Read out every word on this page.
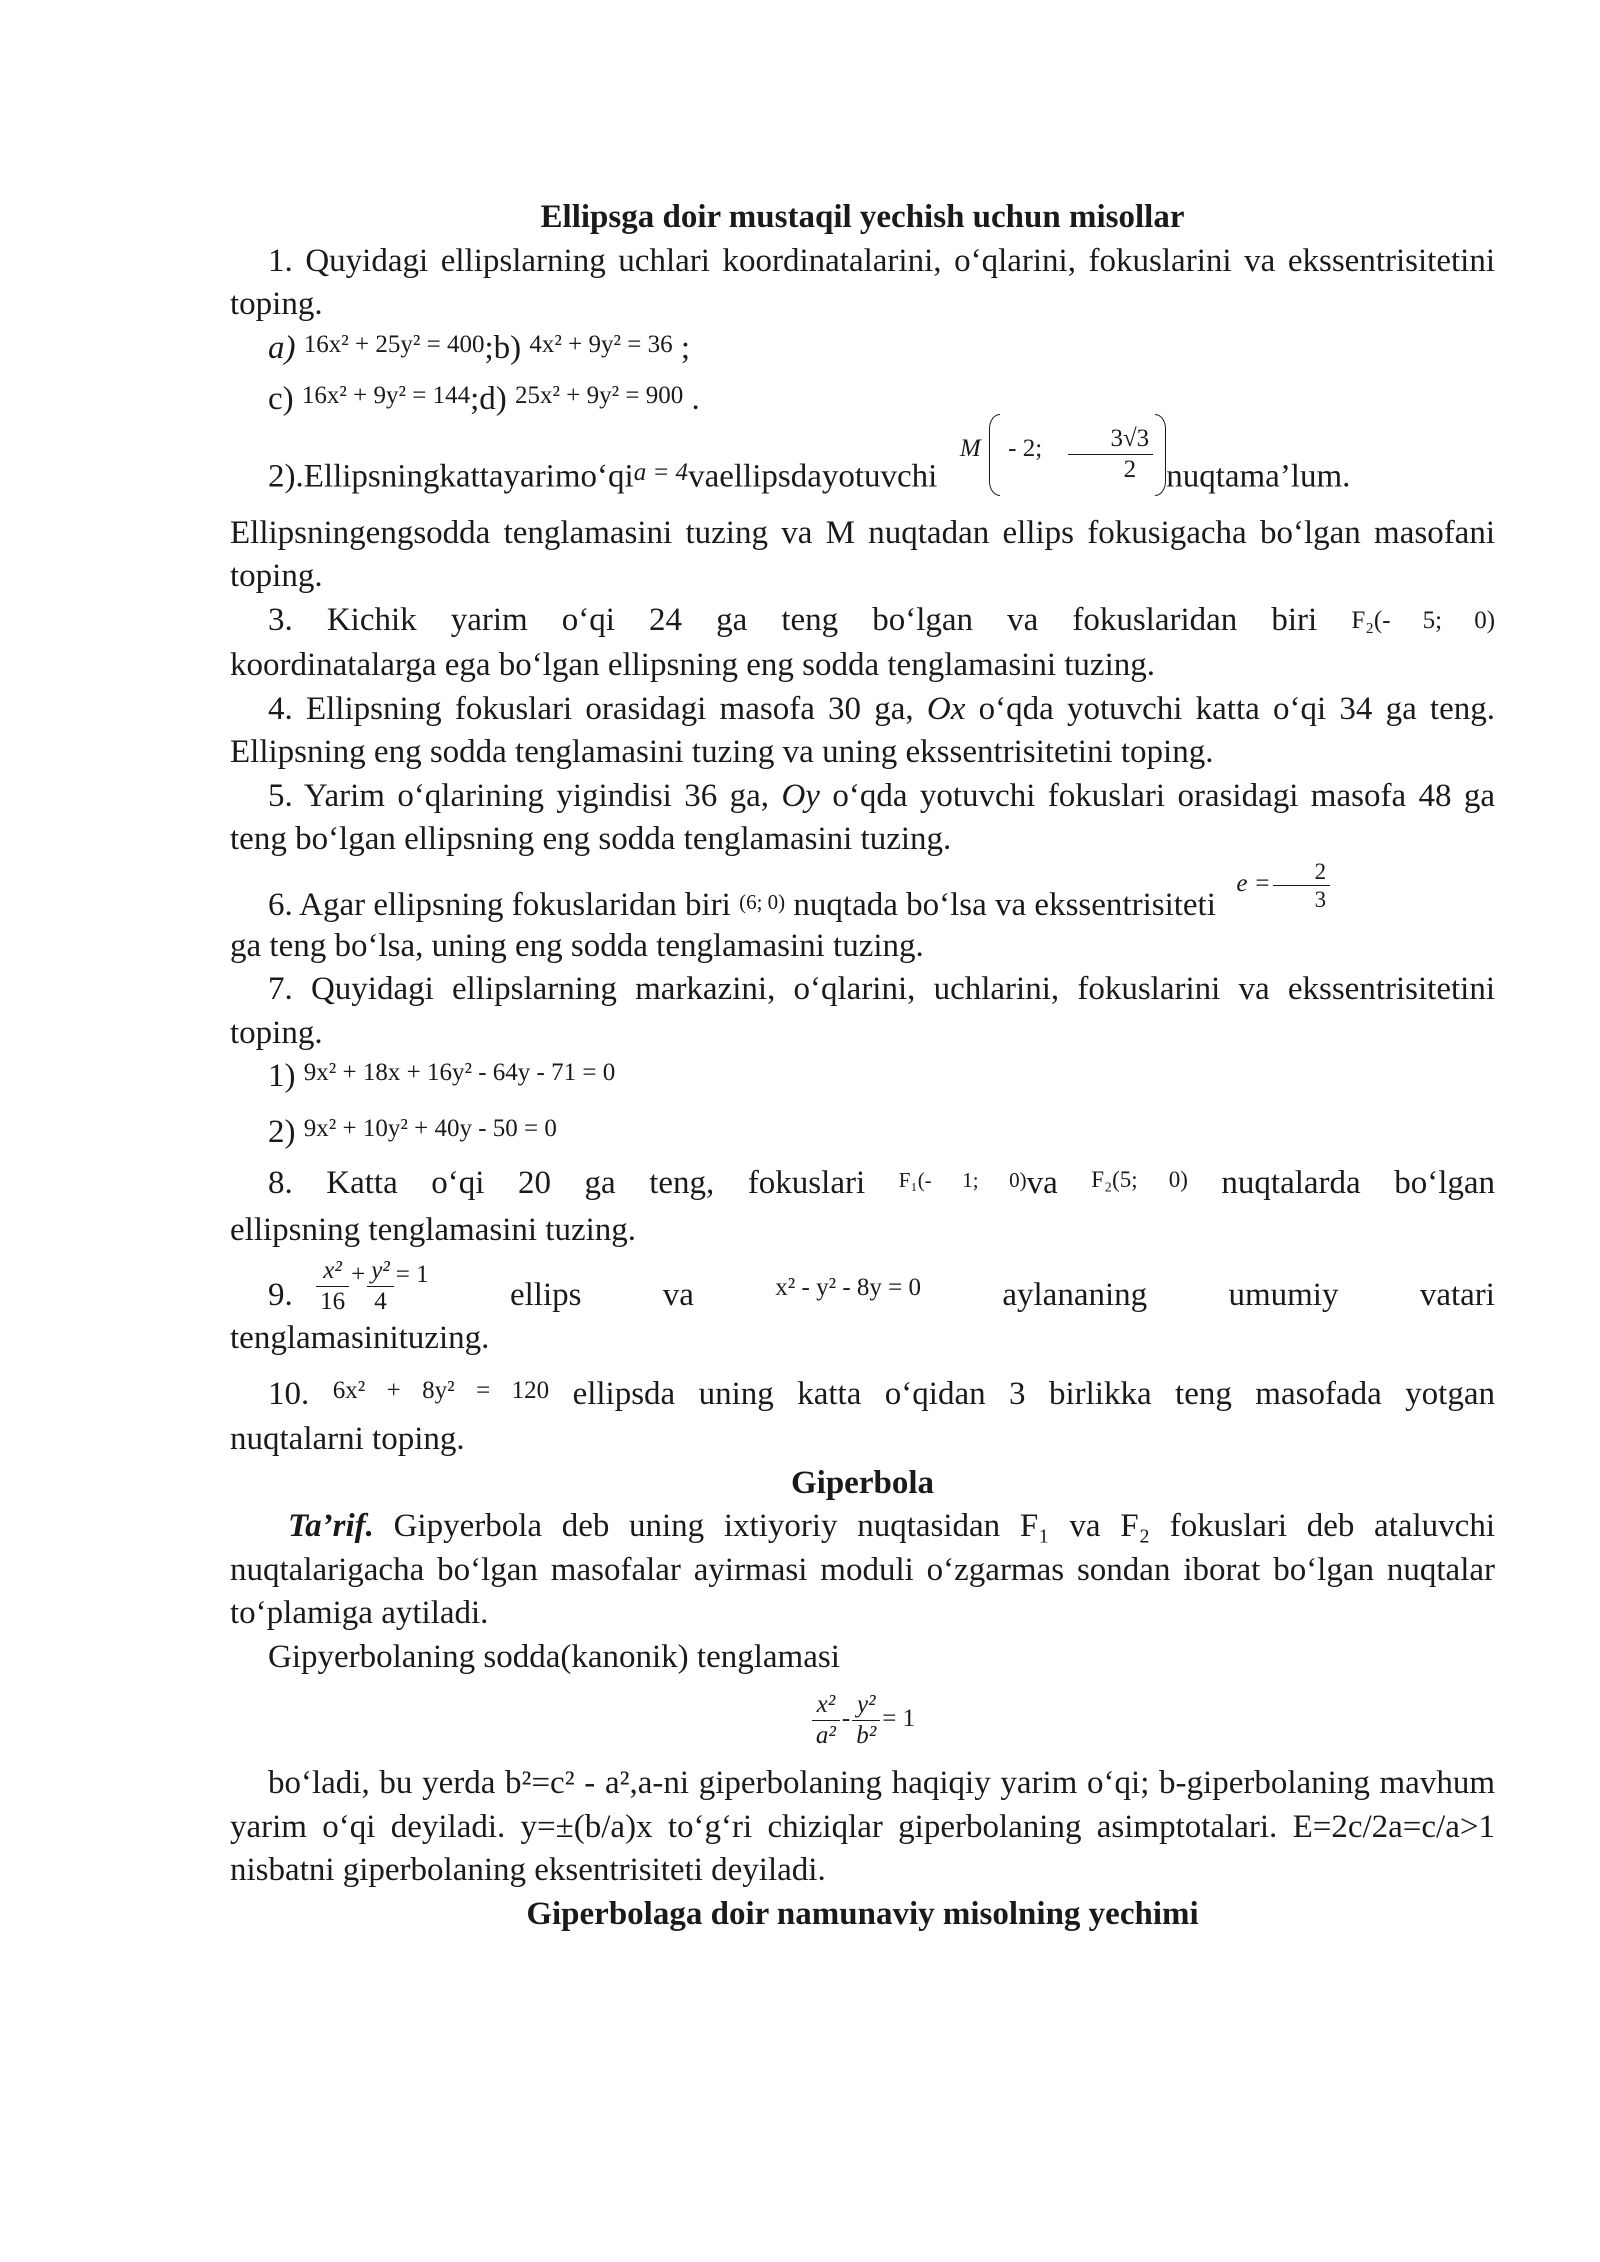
Ellipsga doir mustaqil yechish uchun misollar

1. Quyidagi ellipslarning uchlari koordinatalarini, o‘qlarini, fokuslarini va ekssentrisitetini toping.

a) 16x² + 25y² = 400;b) 4x² + 9y² = 36 ;

c) 16x² + 9y² = 144;d) 25x² + 9y² = 900 .

2).Ellipsningkattayarimo‘qia = 4vaellipsdayotuvchi  $^M$ $^{- 2;} \frac{3√3}{2}$ nuqtama’lum.

Ellipsningengsodda tenglamasini tuzing va M nuqtadan ellips fokusigacha bo‘lgan masofani toping.

3. Kichik yarim o‘qi 24 ga teng bo‘lgan va fokuslaridan biri F₂(- 5; 0)

koordinatalarga ega bo‘lgan ellipsning eng sodda tenglamasini tuzing.

4. Ellipsning fokuslari orasidagi masofa 30 ga, Ox o‘qda yotuvchi katta o‘qi 34 ga teng. Ellipsning eng sodda tenglamasini tuzing va uning ekssentrisitetini toping.

5. Yarim o‘qlarining yigindisi 36 ga, Oy o‘qda yotuvchi fokuslari orasidagi masofa 48 ga teng bo‘lgan ellipsning eng sodda tenglamasini tuzing.

6. Agar ellipsning fokuslaridan biri (6; 0) nuqtada bo‘lsa va ekssentrisiteti  $^{e =} \frac{2}{3}$

ga teng bo‘lsa, uning eng sodda tenglamasini tuzing.

7. Quyidagi ellipslarning markazini, o‘qlarini, uchlarini, fokuslarini va ekssentrisitetini toping.

1) 9x² + 18x + 16y² - 64y - 71 = 0

2) 9x² + 10y² + 40y - 50 = 0

8. Katta o‘qi 20 ga teng, fokuslari F₁(- 1; 0)va F₂(5; 0) nuqtalarda bo‘lgan

ellipsning tenglamasini tuzing.

9. $\frac{\text{x²}}{16} ^+ \frac{\text{y²}}{4} ^{= 1}$
ellips va	x² - y² - 8y = 0 aylananing umumiy vatari

tenglamasinituzing.

10. 6x² + 8y² = 120 ellipsda uning katta o‘qidan 3 birlikka teng masofada yotgan

nuqtalarni toping.

Giperbola

Ta’rif. Gipyerbola deb uning ixtiyoriy nuqtasidan F₁ va F₂ fokuslari deb ataluvchi nuqtalarigacha bo‘lgan masofalar ayirmasi moduli o‘zgarmas sondan iborat bo‘lgan nuqtalar to‘plamiga aytiladi.

Gipyerbolaning sodda(kanonik) tenglamasi

$\frac{\text{x²}}{\text{a²}} - \frac{\text{y²}}{\text{b²}} = 1$

bo‘ladi, bu yerda b²=c² - a²,a-ni giperbolaning haqiqiy yarim o‘qi; b-giperbolaning mavhum yarim o‘qi deyiladi. y=±(b/a)x to‘g‘ri chiziqlar giperbolaning asimptotalari. E=2c/2a=c/a>1 nisbatni giperbolaning eksentrisiteti deyiladi.

Giperbolaga doir namunaviy misolning yechimi
